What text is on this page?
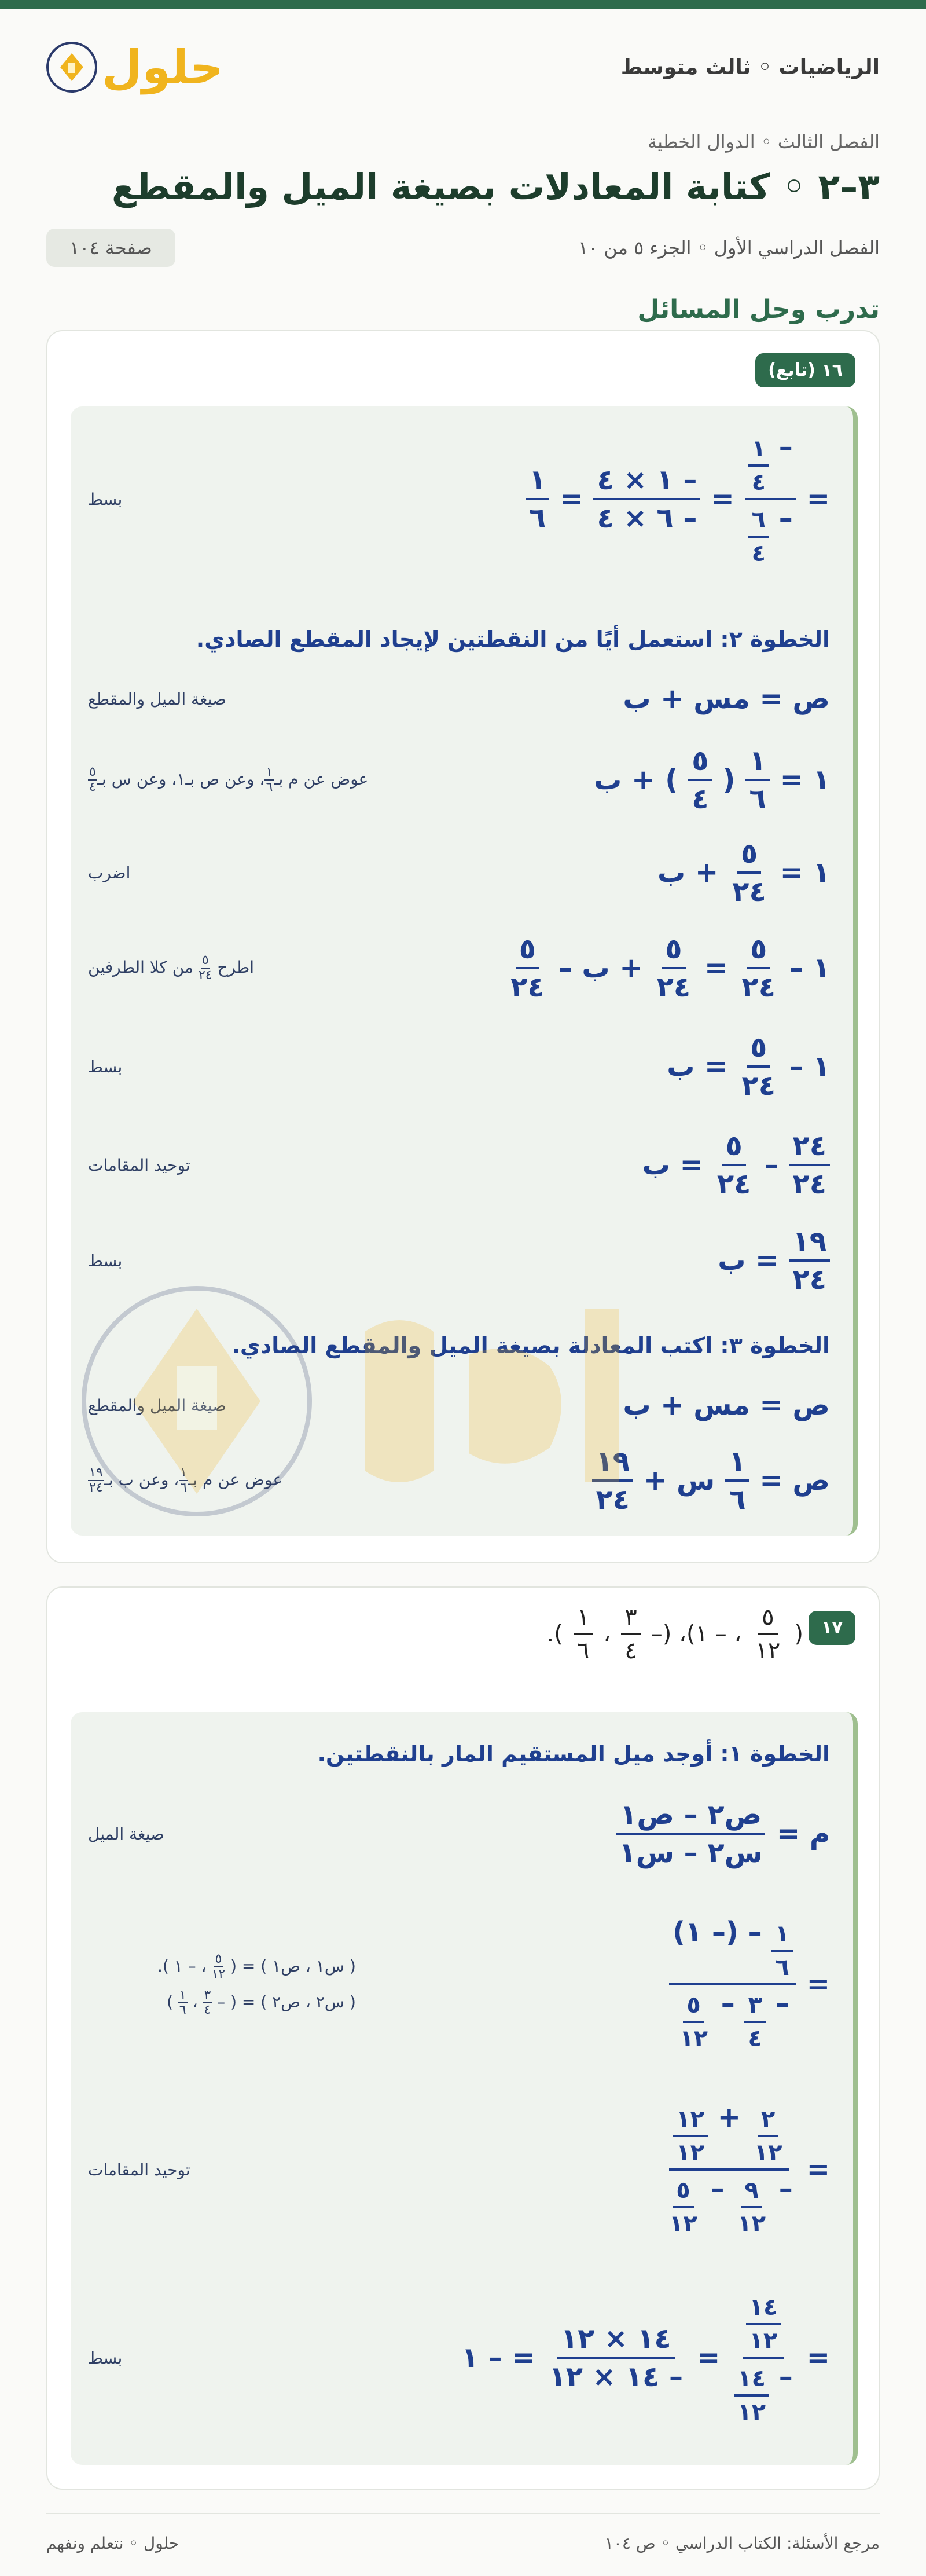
الرياضيات ◦ ثالث متوسط
حلول
الفصل الثالث ◦ الدوال الخطية
٣–٢ ◦ كتابة المعادلات بصيغة الميل والمقطع
الفصل الدراسي الأول ◦ الجزء ٥ من ١٠
صفحة ١٠٤
تدرب وحل المسائل
١٦ (تابع)
=
–
$\frac{١}{٤}$
–
$\frac{٦}{٤}$
=
$\frac{- ١ \times ٤}{- ٦ \times ٤}$
=
$\frac{١}{٦}$
بسط
الخطوة ٢: استعمل أيًا من النقطتين لإيجاد المقطع الصادي.
ص = مس + ب
صيغة الميل والمقطع
١ =
$\frac{١}{٦}$
(
$\frac{٥}{٤}$
)
+ ب
عوض عن م بـ
١
٦
، وعن ص بـ١، وعن س بـ
٥
٤
١ =
$\frac{٥}{٢٤}$
+ ب
اضرب
١ –
$\frac{٥}{٢٤}$
=
$\frac{٥}{٢٤}$
+ ب –
$\frac{٥}{٢٤}$
اطرح
٥
٢٤
من كلا الطرفين
١ –
$\frac{٥}{٢٤}$
= ب
بسط
$\frac{٢٤}{٢٤}$
–
$\frac{٥}{٢٤}$
= ب
توحيد المقامات
$\frac{١٩}{٢٤}$
= ب
بسط
الخطوة ٣: اكتب المعادلة بصيغة الميل والمقطع الصادي.
ص = مس + ب
صيغة الميل والمقطع
ص =
$\frac{١}{٦}$
س +
$\frac{١٩}{٢٤}$
عوض عن م بـ
١
٦
، وعن ب بـ
١٩
٢٤
١٧
(
$\frac{٥}{١٢}$
، – ١)، (–
$\frac{٣}{٤}$
،
$\frac{١}{٦}$
).
الخطوة ١: أوجد ميل المستقيم المار بالنقطتين.
م =
$\frac{\text{ص٢ – ص١}}{\text{س٢ – س١}}$
صيغة الميل
=
$\frac{١}{٦}$
– (– ١)
–
$\frac{٣}{٤}$
–
$\frac{٥}{١٢}$
( س١ ، ص١ ) = (
٥
١٢
، – ١ ).
( س٢ ، ص٢ ) = ( –
٣
٤
،
١
٦
)
=
$\frac{٢}{١٢}$
+
$\frac{١٢}{١٢}$
–
$\frac{٩}{١٢}$
–
$\frac{٥}{١٢}$
توحيد المقامات
=
$\frac{١٤}{١٢}$
–
$\frac{١٤}{١٢}$
=
$\frac{١٤ \times ١٢}{- ١٤ \times ١٢}$
= – ١
بسط
مرجع الأسئلة: الكتاب الدراسي ◦ ص ١٠٤
حلول ◦ نتعلم ونفهم
